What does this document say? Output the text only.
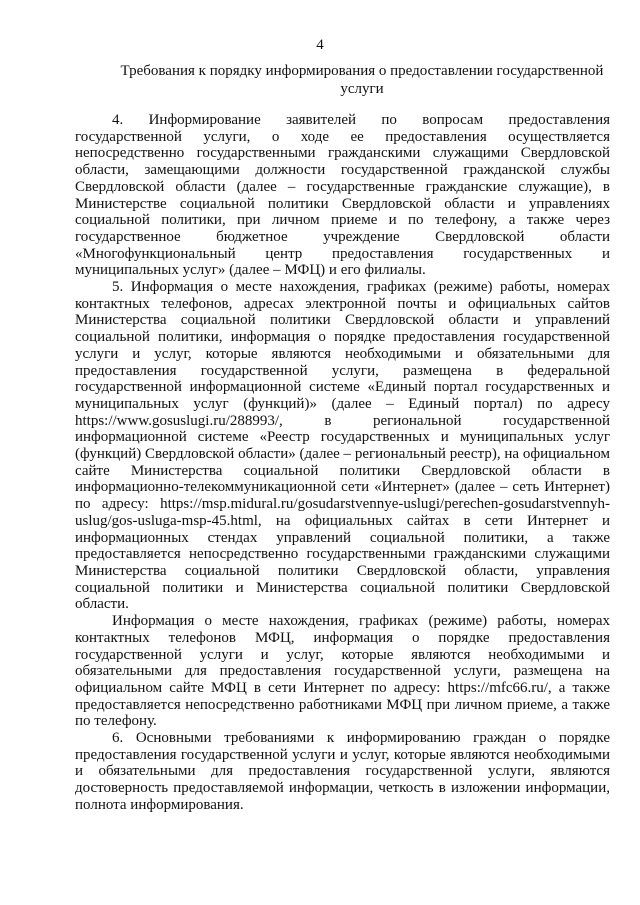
4
Требования к порядку информирования о предоставлении государственной услуги

4. Информирование заявителей по вопросам предоставления государственной услуги, о ходе ее предоставления осуществляется непосредственно государственными гражданскими служащими Свердловской области, замещающими должности государственной гражданской службы Свердловской области (далее – государственные гражданские служащие), в Министерстве социальной политики Свердловской области и управлениях социальной политики, при личном приеме и по телефону, а также через государственное бюджетное учреждение Свердловской области «Многофункциональный центр предоставления государственных и муниципальных услуг» (далее – МФЦ) и его филиалы.

5. Информация о месте нахождения, графиках (режиме) работы, номерах контактных телефонов, адресах электронной почты и официальных сайтов Министерства социальной политики Свердловской области и управлений социальной политики, информация о порядке предоставления государственной услуги и услуг, которые являются необходимыми и обязательными для предоставления государственной услуги, размещена в федеральной государственной информационной системе «Единый портал государственных и муниципальных услуг (функций)» (далее – Единый портал) по адресу https://www.gosuslugi.ru/288993/, в региональной государственной информационной системе «Реестр государственных и муниципальных услуг (функций) Свердловской области» (далее – региональный реестр), на официальном сайте Министерства социальной политики Свердловской области в информационно-телекоммуникационной сети «Интернет» (далее – сеть Интернет) по адресу: https://msp.midural.ru/gosudarstvennye-uslugi/perechen-gosudarstvennyh-uslug/gos-usluga-msp-45.html, на официальных сайтах в сети Интернет и информационных стендах управлений социальной политики, а также предоставляется непосредственно государственными гражданскими служащими Министерства социальной политики Свердловской области, управления социальной политики и Министерства социальной политики Свердловской области.

Информация о месте нахождения, графиках (режиме) работы, номерах контактных телефонов МФЦ, информация о порядке предоставления государственной услуги и услуг, которые являются необходимыми и обязательными для предоставления государственной услуги, размещена на официальном сайте МФЦ в сети Интернет по адресу: https://mfc66.ru/, а также предоставляется непосредственно работниками МФЦ при личном приеме, а также по телефону.

6. Основными требованиями к информированию граждан о порядке предоставления государственной услуги и услуг, которые являются необходимыми и обязательными для предоставления государственной услуги, являются достоверность предоставляемой информации, четкость в изложении информации, полнота информирования.
